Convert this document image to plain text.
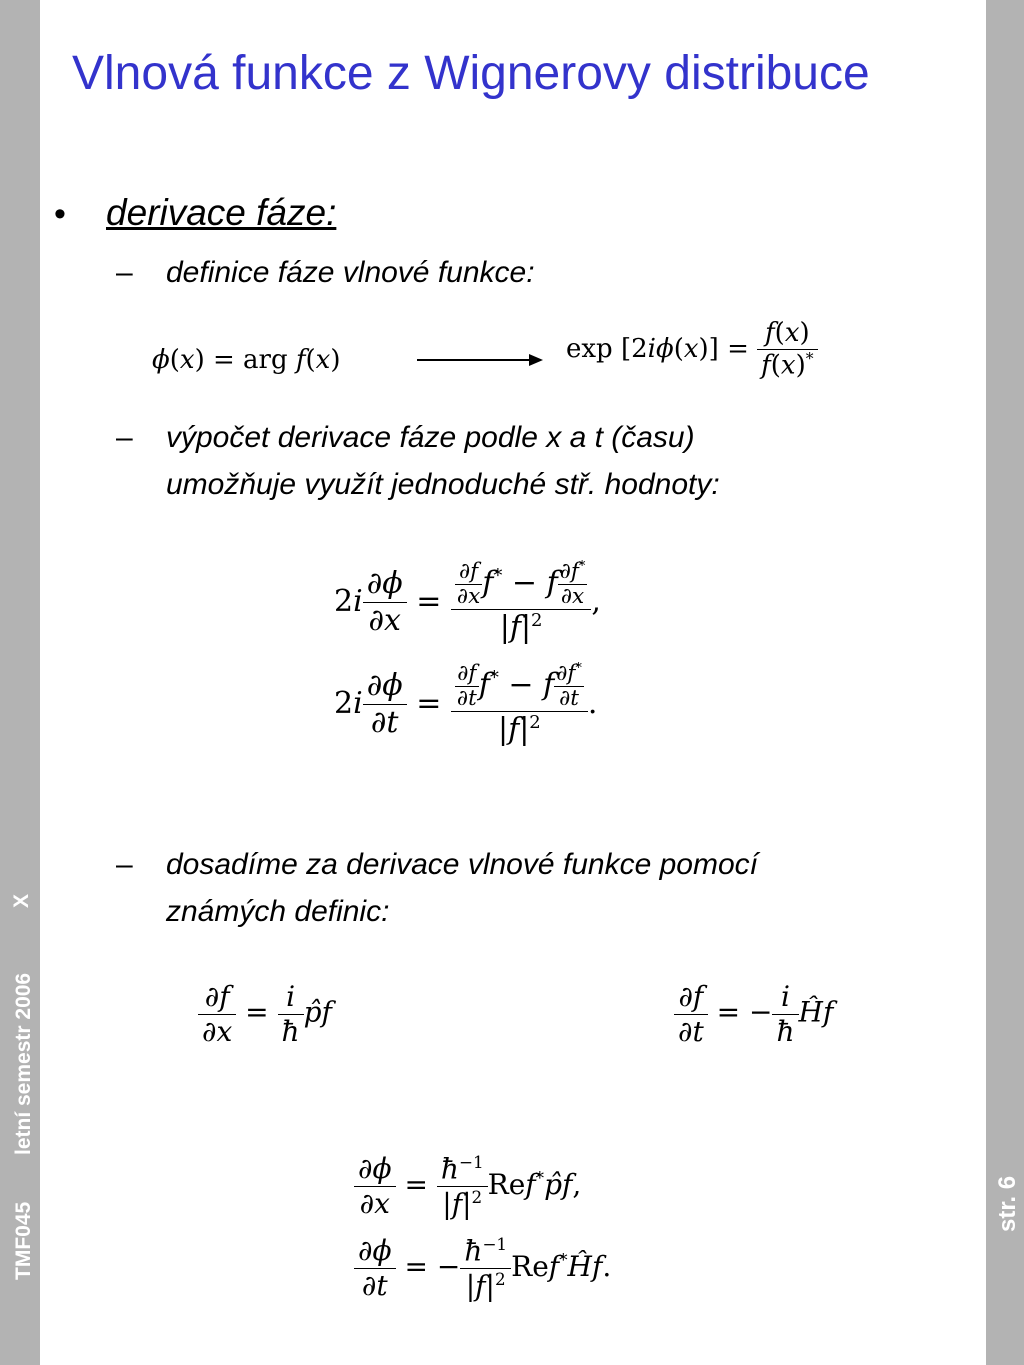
TMF045
letní semestr 2006
X
str. 6
Vlnová funkce z Wignerovy distribuce
• derivace fáze:
– definice fáze vlnové funkce:
ϕ(x) = arg f(x)	$\exp [2i\phi(x)] = \frac{f(x)}{f(x)^*}$
– výpočet derivace fáze podle x a t (času)
umožňuje využít jednoduché stř. hodnoty:
$2i \frac{\partial\phi}{\partial x} = \frac{\frac{\partial f}{\partial x} f^* - f \frac{\partial f^*}{\partial x}}{|f|^2}$ ,
$2i \frac{\partial\phi}{\partial t} = \frac{\frac{\partial f}{\partial t} f^* - f \frac{\partial f^*}{\partial t}}{|f|^2}$ .
– dosadíme za derivace vlnové funkce pomocí
známých definic:
$\frac{\partial f}{\partial x} = \frac{i}{ħ}$ p̂f	$\frac{\partial f}{\partial t}$ = − $\frac{i}{ħ}$ Ĥf
$\frac{\partial\phi}{\partial x} = \frac{ħ^{-1}}{|f|^2}$ Ref*p̂f,
$\frac{\partial\phi}{\partial t}$ = − $\frac{ħ^{-1}}{|f|^2}$ Ref*Ĥf.
